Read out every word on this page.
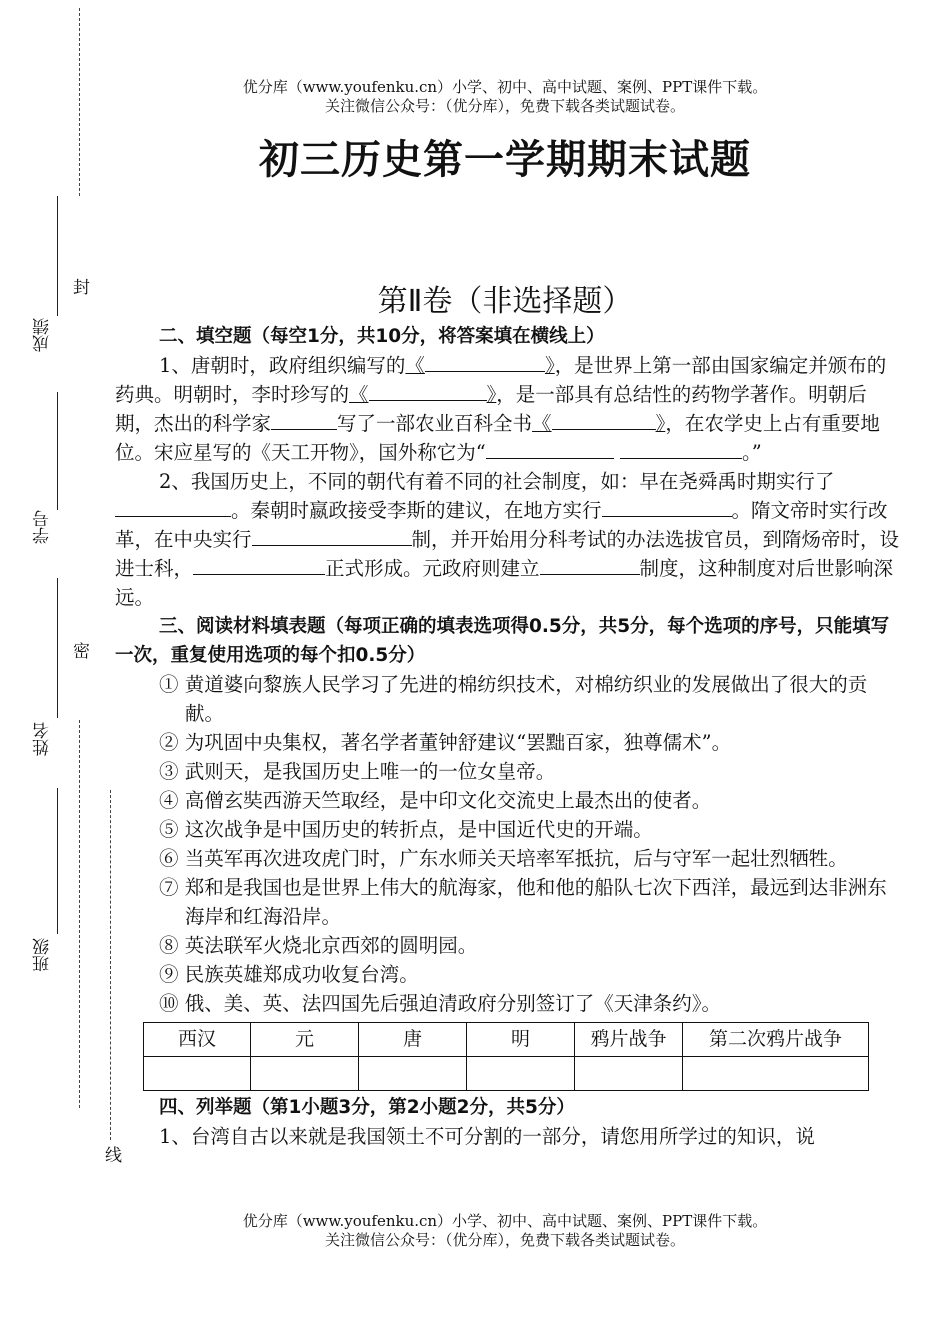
成绩
封
学号
密
姓名
班级
线
优分库（www.youfenku.cn）小学、初中、高中试题、案例、PPT课件下载。
关注微信公众号：（优分库），免费下载各类试题试卷。
初三历史第一学期期末试题
第Ⅱ卷（非选择题）

二、填空题（每空1分，共10分，将答案填在横线上）

1、唐朝时，政府组织编写的《	》，是世界上第一部由国家编定并颁布的药典。明朝时，李时珍写的《	》，是一部具有总结性的药物学著作。明朝后期，杰出的科学家	写了一部农业百科全书《	》，在农学史上占有重要地位。宋应星写的《天工开物》，国外称它为“	。”

2、我国历史上，不同的朝代有着不同的社会制度，如：早在尧舜禹时期实行了。秦朝时嬴政接受李斯的建议，在地方实行	。隋文帝时实行改革，在中央实行	制，并开始用分科考试的办法选拔官员，到隋炀帝时，设进士科，	正式形成。元政府则建立	制度，这种制度对后世影响深远。

三、阅读材料填表题（每项正确的填表选项得0.5分，共5分，每个选项的序号，只能填写一次，重复使用选项的每个扣0.5分）

① 黄道婆向黎族人民学习了先进的棉纺织技术，对棉纺织业的发展做出了很大的贡献。
② 为巩固中央集权，著名学者董钟舒建议“罢黜百家，独尊儒术”。
③ 武则天，是我国历史上唯一的一位女皇帝。
④ 高僧玄奘西游天竺取经，是中印文化交流史上最杰出的使者。
⑤ 这次战争是中国历史的转折点，是中国近代史的开端。

⑥ 当英军再次进攻虎门时，广东水师关天培率军抵抗，后与守军一起壮烈牺牲。

⑦ 郑和是我国也是世界上伟大的航海家，他和他的船队七次下西洋，最远到达非洲东海岸和红海沿岸。
⑧ 英法联军火烧北京西郊的圆明园。
⑨ 民族英雄郑成功收复台湾。
⑩ 俄、美、英、法四国先后强迫清政府分别签订了《天津条约》。
西汉	元	唐	明	鸦片战争	第二次鸦片战争

四、列举题（第1小题3分，第2小题2分，共5分）

1、台湾自古以来就是我国领土不可分割的一部分，请您用所学过的知识，说

优分库（www.youfenku.cn）小学、初中、高中试题、案例、PPT课件下载。
关注微信公众号：（优分库），免费下载各类试题试卷。
